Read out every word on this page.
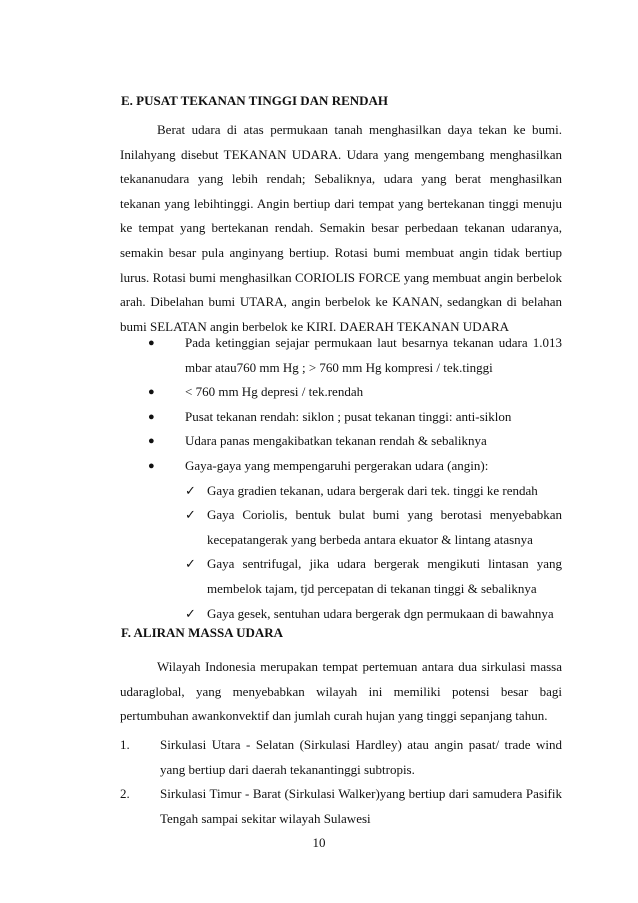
E. PUSAT TEKANAN TINGGI DAN RENDAH

Berat udara di atas permukaan tanah menghasilkan daya tekan ke bumi. Inilahyang disebut TEKANAN UDARA. Udara yang mengembang menghasilkan tekananudara yang lebih rendah; Sebaliknya, udara yang berat menghasilkan tekanan yang lebihtinggi. Angin bertiup dari tempat yang bertekanan tinggi menuju ke tempat yang bertekanan rendah. Semakin besar perbedaan tekanan udaranya, semakin besar pula anginyang bertiup. Rotasi bumi membuat angin tidak bertiup lurus. Rotasi bumi menghasilkan CORIOLIS FORCE yang membuat angin berbelok arah. Dibelahan bumi UTARA, angin berbelok ke KANAN, sedangkan di belahan bumi SELATAN angin berbelok ke KIRI. DAERAH TEKANAN UDARA

●	Pada ketinggian sejajar permukaan laut besarnya tekanan udara 1.013 mbar atau760 mm Hg ; > 760 mm Hg kompresi / tek.tinggi
●	< 760 mm Hg depresi / tek.rendah
●	Pusat tekanan rendah: siklon ; pusat tekanan tinggi: anti-siklon
●	Udara panas mengakibatkan tekanan rendah & sebaliknya
●	Gaya-gaya yang mempengaruhi pergerakan udara (angin):
✓ Gaya gradien tekanan, udara bergerak dari tek. tinggi ke rendah
✓ Gaya Coriolis, bentuk bulat bumi yang berotasi menyebabkan kecepatangerak yang berbeda antara ekuator & lintang atasnya
✓ Gaya sentrifugal, jika udara bergerak mengikuti lintasan yang membelok tajam, tjd percepatan di tekanan tinggi & sebaliknya
✓ Gaya gesek, sentuhan udara bergerak dgn permukaan di bawahnya
F. ALIRAN MASSA UDARA

Wilayah Indonesia merupakan tempat pertemuan antara dua sirkulasi massa udaraglobal, yang menyebabkan wilayah ini memiliki potensi besar bagi pertumbuhan awankonvektif dan jumlah curah hujan yang tinggi sepanjang tahun.

1.	Sirkulasi Utara - Selatan (Sirkulasi Hardley) atau angin pasat/ trade wind yang bertiup dari daerah tekanantinggi subtropis.
2.	Sirkulasi Timur - Barat (Sirkulasi Walker)yang bertiup dari samudera Pasifik Tengah sampai sekitar wilayah Sulawesi
10
